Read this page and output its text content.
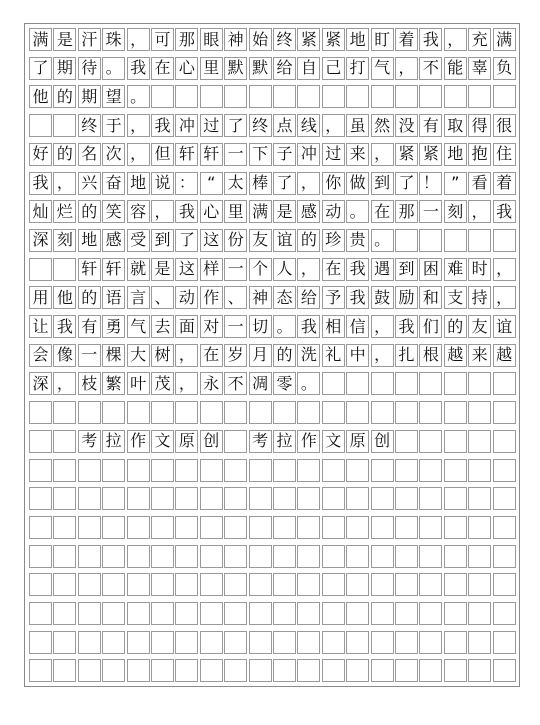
满 是 汗 珠 ， 可 那 眼 神 始 终 紧 紧 地 盯 着 我 ， 充 满
了 期 待 。 我 在 心 里 默 默 给 自 己 打 气 ， 不 能 辜 负
他 的 期 望 。
终 于 ， 我 冲 过 了 终 点 线 ， 虽 然 没 有 取 得 很
好 的 名 次 ， 但 轩 轩 一 下 子 冲 过 来 ， 紧 紧 地 抱 住
我 ， 兴 奋 地 说 ： “ 太 棒 了 ， 你 做 到 了 ！ ” 看 着
灿 烂 的 笑 容 ， 我 心 里 满 是 感 动 。 在 那 一 刻 ， 我
深 刻 地 感 受 到 了 这 份 友 谊 的 珍 贵 。
轩 轩 就 是 这 样 一 个 人 ， 在 我 遇 到 困 难 时 ，
用 他 的 语 言 、 动 作 、 神 态 给 予 我 鼓 励 和 支 持 ，
让 我 有 勇 气 去 面 对 一 切 。 我 相 信 ， 我 们 的 友 谊
会 像 一 棵 大 树 ， 在 岁 月 的 洗 礼 中 ， 扎 根 越 来 越
深 ， 枝 繁 叶 茂 ， 永 不 凋 零 。
考 拉 作 文 原 创 考 拉 作 文 原 创
